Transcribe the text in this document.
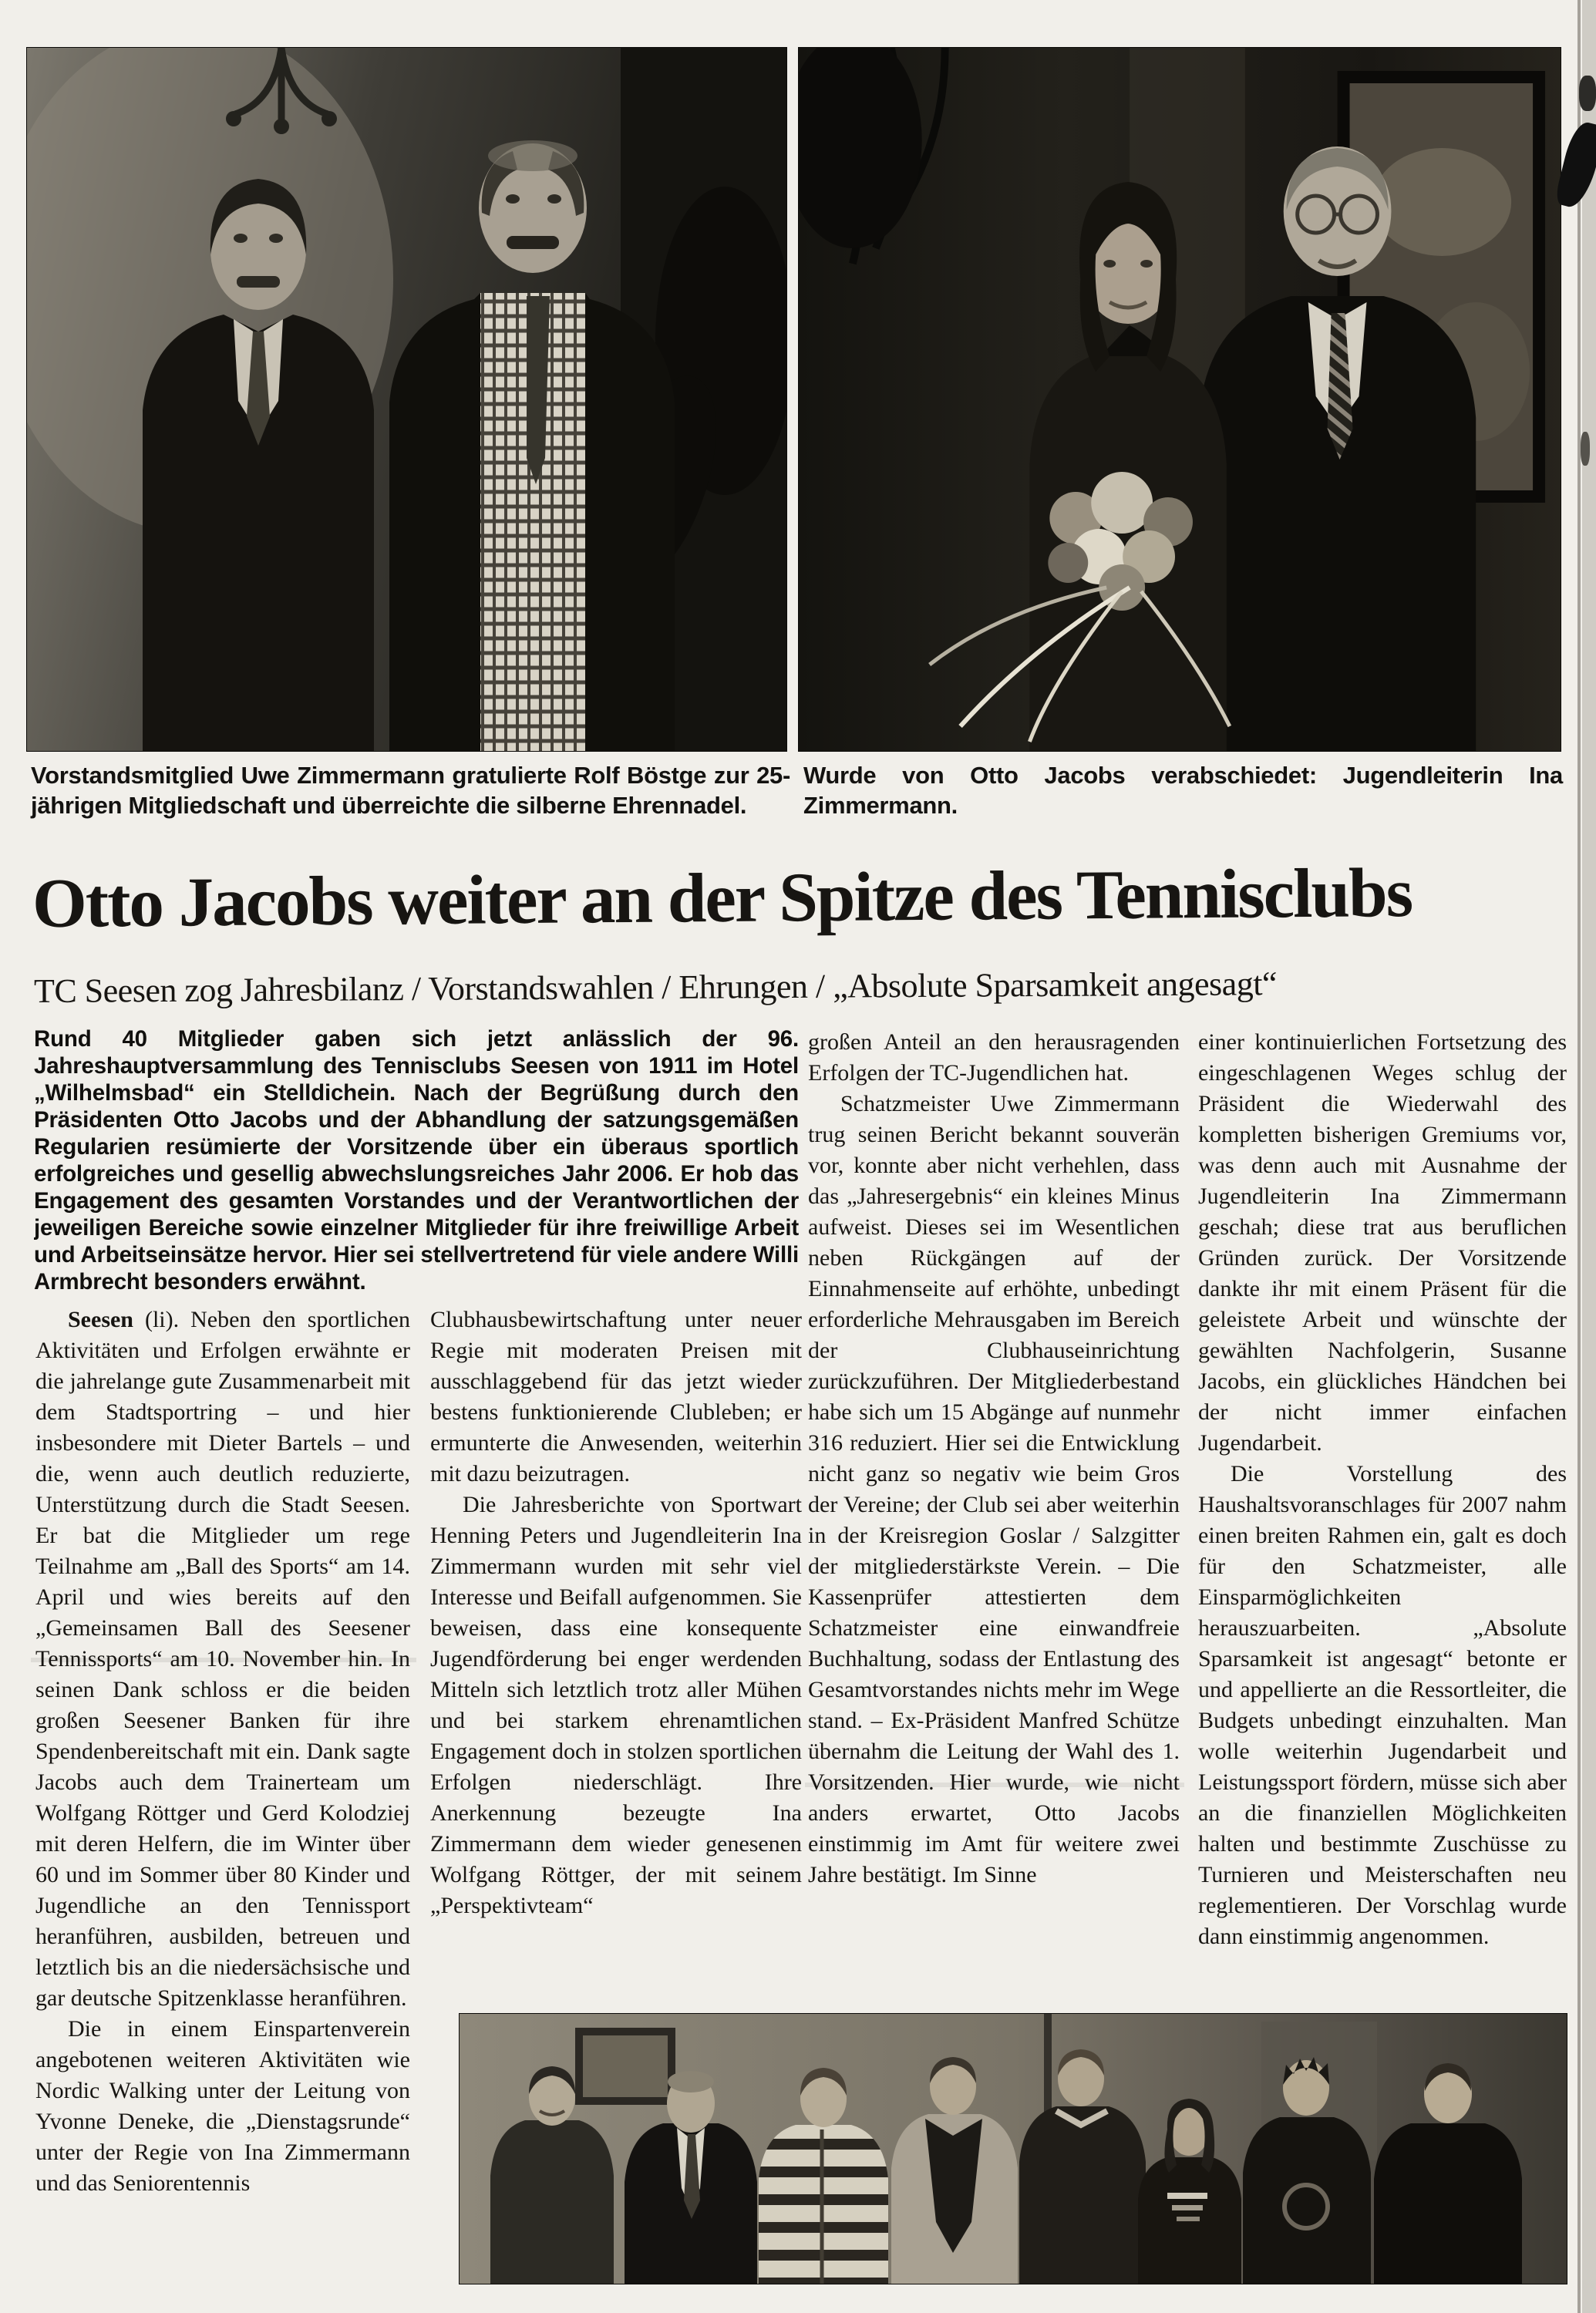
Vorstandsmitglied Uwe Zimmermann gratulierte Rolf Böstge zur 25-jährigen Mitgliedschaft und überreichte die silberne Ehrennadel.

Wurde von Otto Jacobs verabschiedet: Jugendleiterin Ina Zimmermann.

Otto Jacobs weiter an der Spitze des Tennisclubs
TC Seesen zog Jahresbilanz / Vorstandswahlen / Ehrungen / „Absolute Sparsamkeit angesagt“

Rund 40 Mitglieder gaben sich jetzt anlässlich der 96. Jahreshauptversammlung des Tennisclubs Seesen von 1911 im Hotel „Wilhelmsbad“ ein Stelldichein. Nach der Begrüßung durch den Präsidenten Otto Jacobs und der Abhandlung der satzungsgemäßen Regularien resümierte der Vorsitzende über ein überaus sportlich erfolgreiches und gesellig abwechslungsreiches Jahr 2006. Er hob das Engagement des gesamten Vorstandes und der Verantwortlichen der jeweiligen Bereiche sowie einzelner Mitglieder für ihre freiwillige Arbeit und Arbeitseinsätze hervor. Hier sei stellvertretend für viele andere Willi Armbrecht besonders erwähnt.

Seesen (li). Neben den sportlichen Aktivitäten und Erfolgen erwähnte er die jahrelange gute Zusammenarbeit mit dem Stadtsportring – und hier insbesondere mit Dieter Bartels – und die, wenn auch deutlich reduzierte, Unterstützung durch die Stadt Seesen. Er bat die Mitglieder um rege Teilnahme am „Ball des Sports“ am 14. April und wies bereits auf den „Gemeinsamen Ball des Seesener Tennissports“ am 10. November hin. In seinen Dank schloss er die beiden großen Seesener Banken für ihre Spendenbereitschaft mit ein. Dank sagte Jacobs auch dem Trainerteam um Wolfgang Röttger und Gerd Kolodziej mit deren Helfern, die im Winter über 60 und im Sommer über 80 Kinder und Jugendliche an den Tennissport heranführen, ausbilden, betreuen und letztlich bis an die niedersächsische und gar deutsche Spitzenklasse heranführen.

Die in einem Einspartenverein angebotenen weiteren Aktivitäten wie Nordic Walking unter der Leitung von Yvonne Deneke, die „Dienstagsrunde“ unter der Regie von Ina Zimmermann und das Seniorentennis

Clubhausbewirtschaftung unter neuer Regie mit moderaten Preisen mit ausschlaggebend für das jetzt wieder bestens funktionierende Clubleben; er ermunterte die Anwesenden, weiterhin mit dazu beizutragen.

Die Jahresberichte von Sportwart Henning Peters und Jugendleiterin Ina Zimmermann wurden mit sehr viel Interesse und Beifall aufgenommen. Sie beweisen, dass eine konsequente Jugendförderung bei enger werdenden Mitteln sich letztlich trotz aller Mühen und bei starkem ehrenamtlichen Engagement doch in stolzen sportlichen Erfolgen niederschlägt. Ihre Anerkennung bezeugte Ina Zimmermann dem wieder genesenen Wolfgang Röttger, der mit seinem „Perspektivteam“

großen Anteil an den herausragenden Erfolgen der TC-Jugendlichen hat.

Schatzmeister Uwe Zimmermann trug seinen Bericht bekannt souverän vor, konnte aber nicht verhehlen, dass das „Jahresergebnis“ ein kleines Minus aufweist. Dieses sei im Wesentlichen neben Rückgängen auf der Einnahmenseite auf erhöhte, unbedingt erforderliche Mehrausgaben im Bereich der Clubhauseinrichtung zurückzuführen. Der Mitgliederbestand habe sich um 15 Abgänge auf nunmehr 316 reduziert. Hier sei die Entwicklung nicht ganz so negativ wie beim Gros der Vereine; der Club sei aber weiterhin in der Kreisregion Goslar / Salzgitter der mitgliederstärkste Verein. – Die Kassenprüfer attestierten dem Schatzmeister eine einwandfreie Buchhaltung, sodass der Entlastung des Gesamtvorstandes nichts mehr im Wege stand. – Ex-Präsident Manfred Schütze übernahm die Leitung der Wahl des 1. Vorsitzenden. Hier wurde, wie nicht anders erwartet, Otto Jacobs einstimmig im Amt für weitere zwei Jahre bestätigt. Im Sinne

einer kontinuierlichen Fortsetzung des eingeschlagenen Weges schlug der Präsident die Wiederwahl des kompletten bisherigen Gremiums vor, was denn auch mit Ausnahme der Jugendleiterin Ina Zimmermann geschah; diese trat aus beruflichen Gründen zurück. Der Vorsitzende dankte ihr mit einem Präsent für die geleistete Arbeit und wünschte der gewählten Nachfolgerin, Susanne Jacobs, ein glückliches Händchen bei der nicht immer einfachen Jugendarbeit.

Die Vorstellung des Haushaltsvoranschlages für 2007 nahm einen breiten Rahmen ein, galt es doch für den Schatzmeister, alle Einsparmöglichkeiten herauszuarbeiten. „Absolute Sparsamkeit ist angesagt“ betonte er und appellierte an die Ressortleiter, die Budgets unbedingt einzuhalten. Man wolle weiterhin Jugendarbeit und Leistungssport fördern, müsse sich aber an die finanziellen Möglichkeiten halten und bestimmte Zuschüsse zu Turnieren und Meisterschaften neu reglementieren. Der Vorschlag wurde dann einstimmig angenommen.
